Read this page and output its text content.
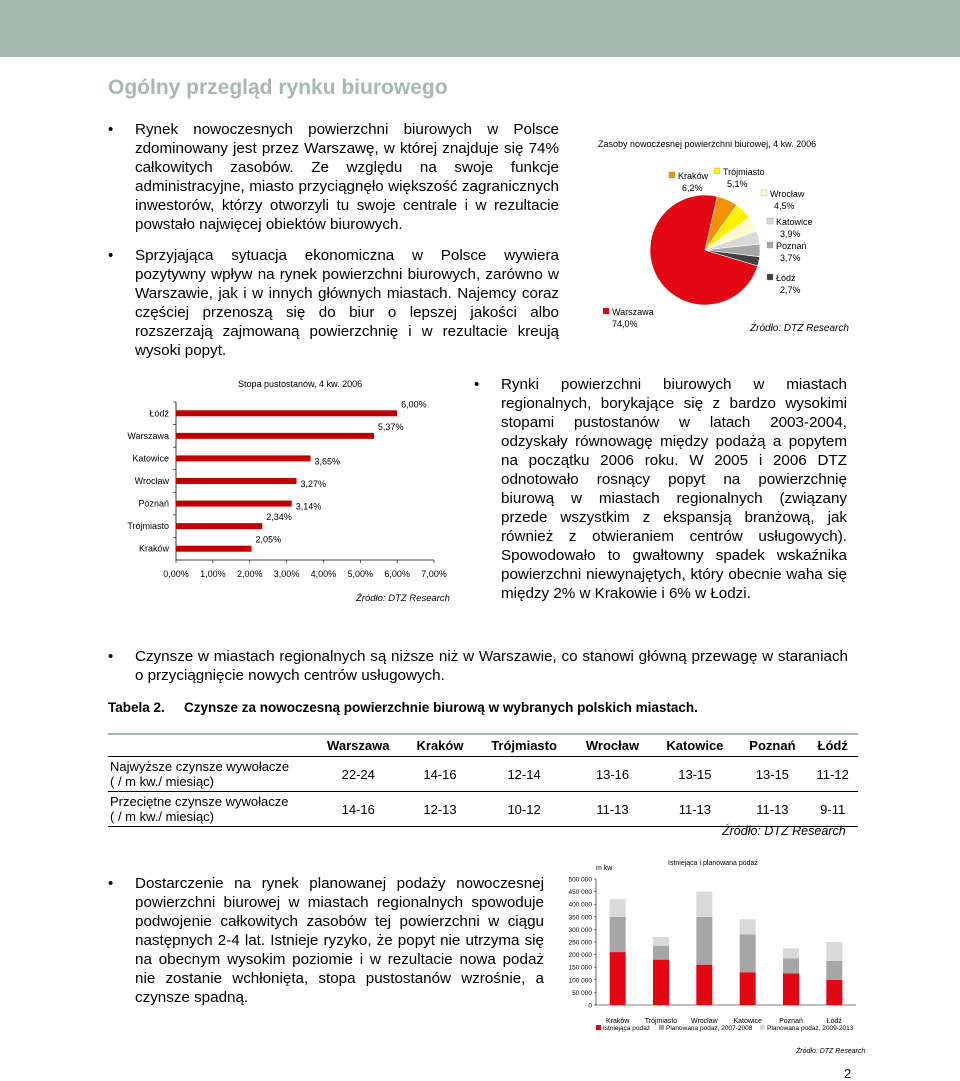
Ogólny przegląd rynku biurowego
• Rynek nowoczesnych powierzchni biurowych w Polsce zdominowany jest przez Warszawę, w której znajduje się 74% całkowitych zasobów. Ze względu na swoje funkcje administracyjne, miasto przyciągnęło większość zagranicznych inwestorów, którzy otworzyli tu swoje centrale i w rezultacie powstało najwięcej obiektów biurowych.
• Sprzyjająca sytuacja ekonomiczna w Polsce wywiera pozytywny wpływ na rynek powierzchni biurowych, zarówno w Warszawie, jak i w innych głównych miastach. Najemcy coraz częściej przenoszą się do biur o lepszej jakości albo rozszerzają zajmowaną powierzchnię i w rezultacie kreują wysoki popyt.
Zasoby nowoczesnej powierzchni biurowej, 4 kw. 2006
Warszawa
74,0%
Kraków
6,2%
Trójmiasto
5,1%
Wrocław
4,5%
Katowice
3,9%
Poznań
3,7%
Łódź
2,7%
Źródło: DTZ Research
Stopa pustostanów, 4 kw. 2006
Łódź
6,00%
Warszawa
5,37%
Katowice	3,65%
Wrocław	3,27%
Poznań	3,14%
Trójmiasto
2,34%
Kraków
2,05%
0,00% 1,00% 2,00% 3,00% 4,00% 5,00% 6,00% 7,00%
Źródło: DTZ Research
• Rynki powierzchni biurowych w miastach regionalnych, borykające się z bardzo wysokimi stopami pustostanów w latach 2003-2004, odzyskały równowagę między podażą a popytem na początku 2006 roku. W 2005 i 2006 DTZ odnotowało rosnący popyt na powierzchnię biurową w miastach regionalnych (związany przede wszystkim z ekspansją branżową, jak również z otwieraniem centrów usługowych). Spowodowało to gwałtowny spadek wskaźnika powierzchni niewynajętych, który obecnie waha się między 2% w Krakowie i 6% w Łodzi.
• Czynsze w miastach regionalnych są niższe niż w Warszawie, co stanowi główną przewagę w staraniach o przyciągnięcie nowych centrów usługowych.
Tabela 2. Czynsze za nowoczesną powierzchnie biurową w wybranych polskich miastach.
	Warszawa	Kraków	Trójmiasto	Wrocław	Katowice	Poznań	Łódź
Najwyższe czynsze wywołacze
( / m kw./ miesiąc)	22-24	14-16	12-14	13-16	13-15	13-15	11-12
Przeciętne czynsze wywołacze
( / m kw./ miesiąc)	14-16	12-13	10-12	11-13	11-13	11-13	9-11
Źródło: DTZ Research
• Dostarczenie na rynek planowanej podaży nowoczesnej powierzchni biurowej w miastach regionalnych spowoduje podwojenie całkowitych zasobów tej powierzchni w ciągu następnych 2-4 lat. Istnieje ryzyko, że popyt nie utrzyma się na obecnym wysokim poziomie i w rezultacie nowa podaż nie zostanie wchłonięta, stopa pustostanów wzrośnie, a czynsze spadną.
Istniejąca i planowana podaż
m kw.
0
50 000
100 000
150 000
200 000
250 000
300 000
350 000
400 000
450 000
500 000
Kraków Trójmiasto Wrocław Katowice Poznań	Łódź
Istniejąca podaż Planowana podaż, 2007-2008 Planowana podaż, 2009-2013
Źródło: DTZ Research
2
